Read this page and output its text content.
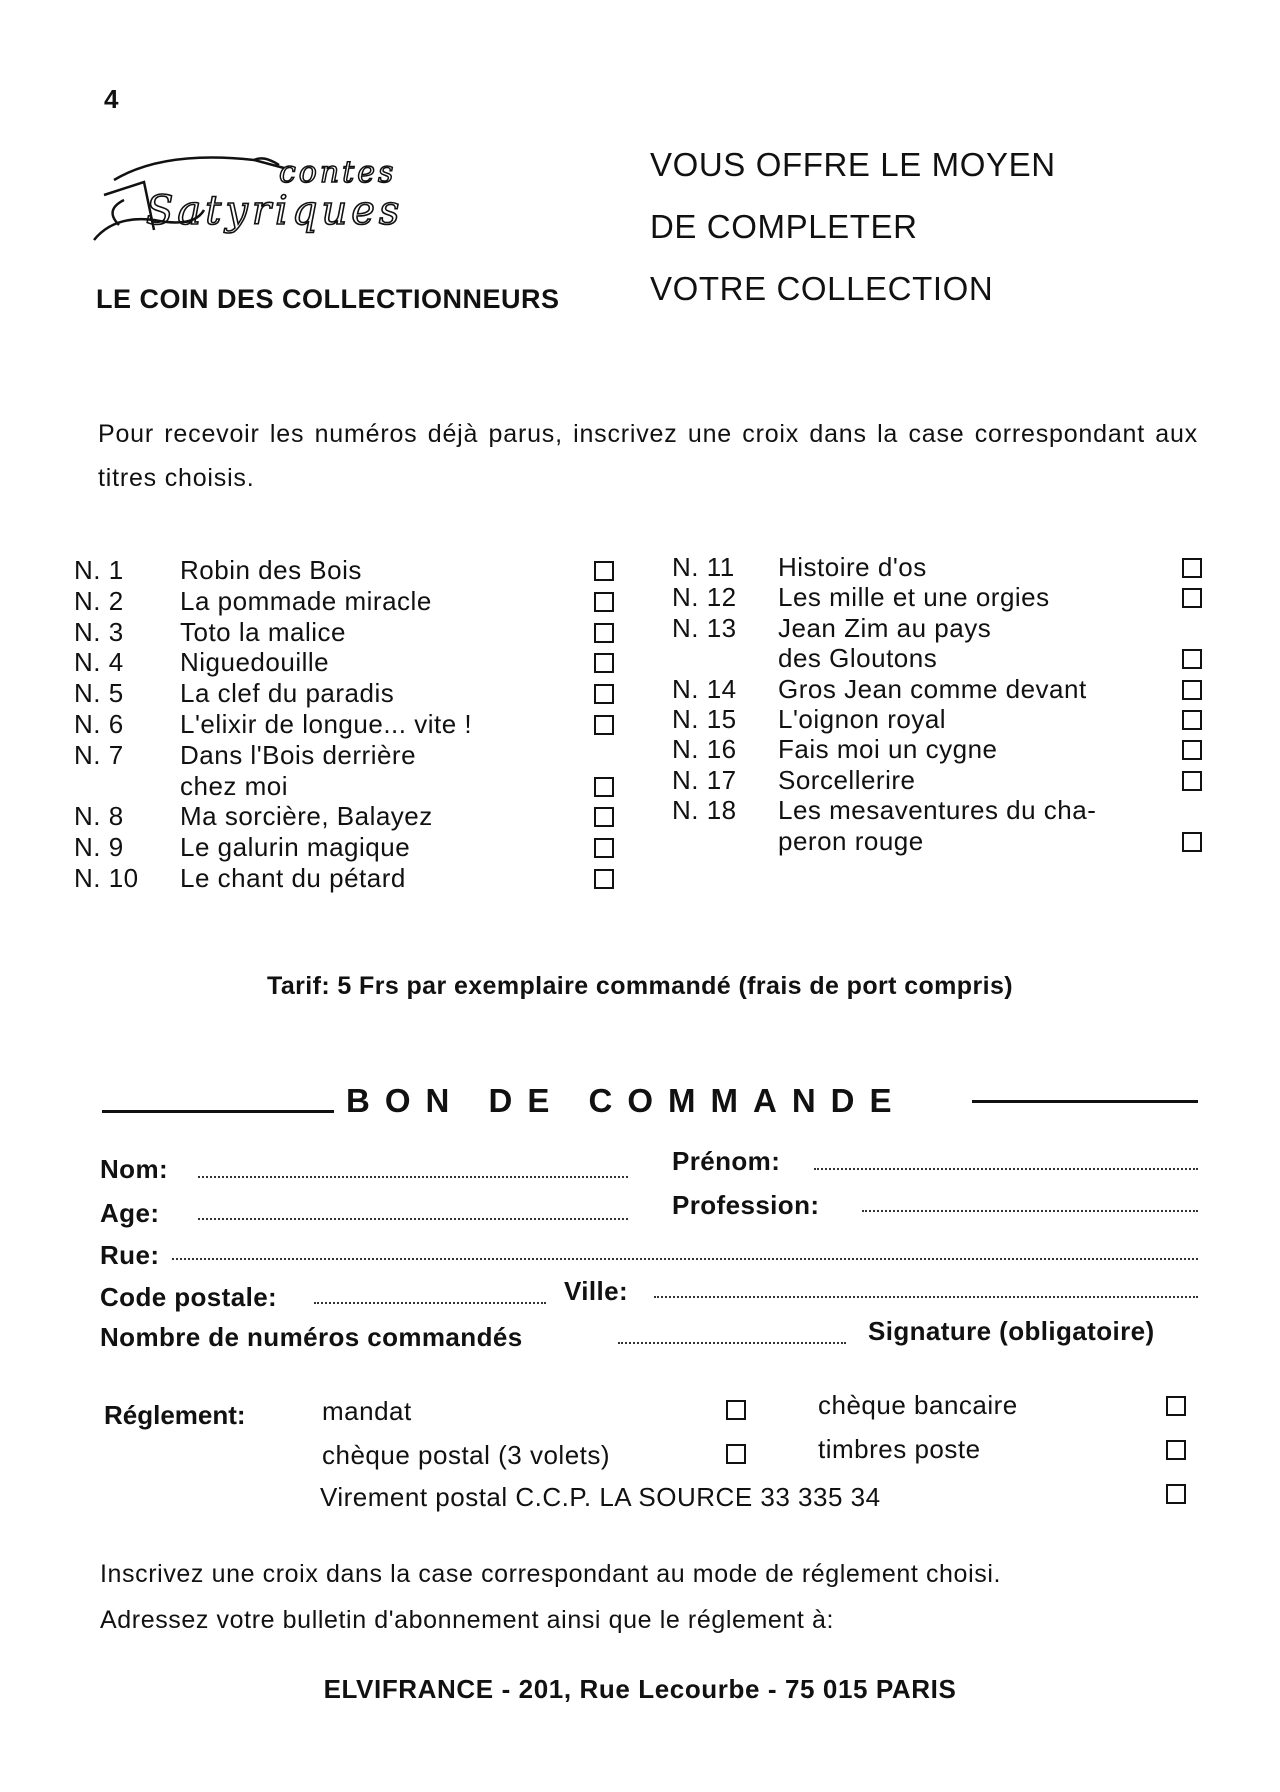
4
contes
Satyriques
LE COIN DES COLLECTIONNEURS
VOUS OFFRE LE MOYEN
DE COMPLETER
VOTRE COLLECTION
Pour recevoir les numéros déjà parus, inscrivez une croix dans la case correspondant aux titres choisis.
N. 1 Robin des Bois
N. 2 La pommade miracle
N. 3 Toto la malice
N. 4 Niguedouille
N. 5 La clef du paradis
N. 6 L'elixir de longue... vite !
N. 7 Dans l'Bois derrière
chez moi
N. 8 Ma sorcière, Balayez
N. 9 Le galurin magique
N. 10 Le chant du pétard
N. 11 Histoire d'os
N. 12 Les mille et une orgies
N. 13 Jean Zim au pays
des Gloutons
N. 14 Gros Jean comme devant
N. 15 L'oignon royal
N. 16 Fais moi un cygne
N. 17 Sorcellerire
N. 18 Les mesaventures du cha-
peron rouge
Tarif: 5 Frs par exemplaire commandé (frais de port compris)
BON DE COMMANDE
Nom:	Prénom:
Age:	Profession:
Rue:
Code postale:	Ville:
Nombre de numéros commandés	Signature (obligatoire)
Réglement:	mandat	chèque bancaire
chèque postal (3 volets)	timbres poste
Virement postal C.C.P. LA SOURCE 33 335 34
Inscrivez une croix dans la case correspondant au mode de réglement choisi.
Adressez votre bulletin d'abonnement ainsi que le réglement à:
ELVIFRANCE - 201, Rue Lecourbe - 75 015 PARIS
